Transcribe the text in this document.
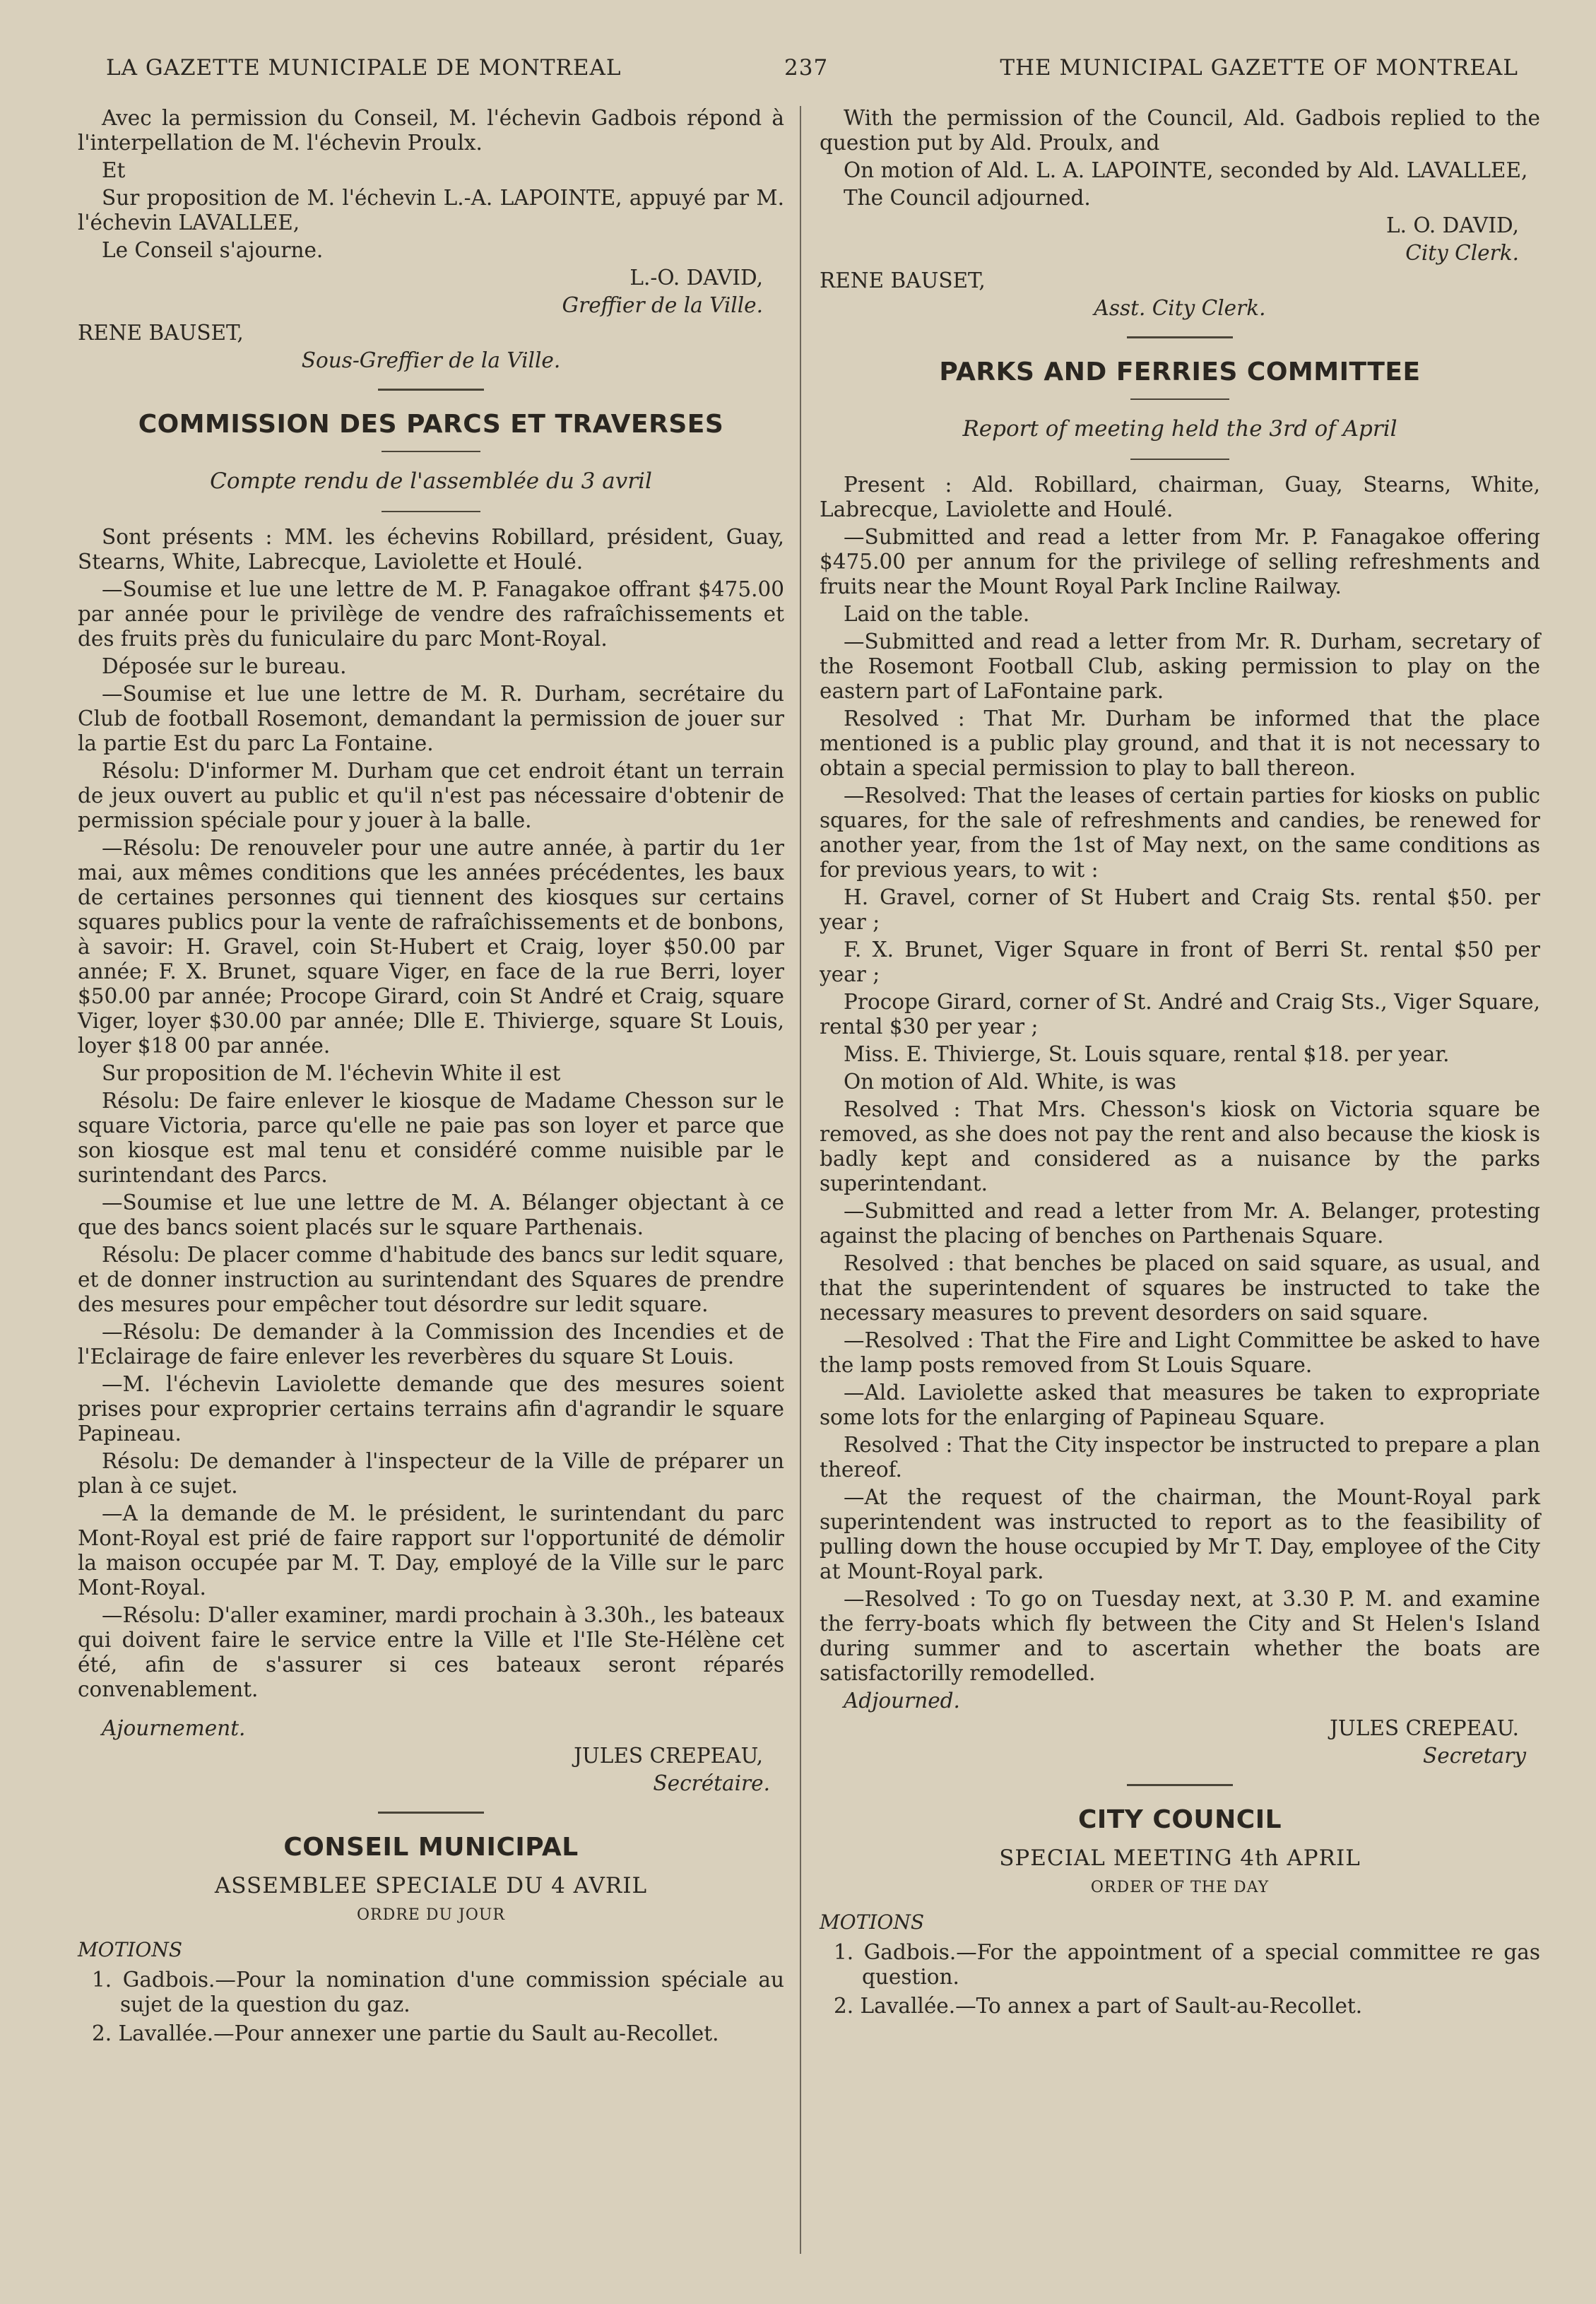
LA GAZETTE MUNICIPALE DE MONTREAL	237	THE MUNICIPAL GAZETTE OF MONTREAL

Avec la permission du Conseil, M. l'échevin Gadbois répond à l'interpellation de M. l'échevin Proulx.

Et

Sur proposition de M. l'échevin L.-A. LAPOINTE, appuyé par M. l'échevin LAVALLEE,

Le Conseil s'ajourne.

L.-O. DAVID,

Greffier de la Ville.

RENE BAUSET,

Sous-Greffier de la Ville.

COMMISSION DES PARCS ET TRAVERSES

Compte rendu de l'assemblée du 3 avril

Sont présents : MM. les échevins Robillard, président, Guay, Stearns, White, Labrecque, Laviolette et Houlé.

—Soumise et lue une lettre de M. P. Fanagakoe offrant $475.00 par année pour le privilège de vendre des rafraîchissements et des fruits près du funiculaire du parc Mont-Royal.

Déposée sur le bureau.

—Soumise et lue une lettre de M. R. Durham, secrétaire du Club de football Rosemont, demandant la permission de jouer sur la partie Est du parc La Fontaine.

Résolu: D'informer M. Durham que cet endroit étant un terrain de jeux ouvert au public et qu'il n'est pas nécessaire d'obtenir de permission spéciale pour y jouer à la balle.

—Résolu: De renouveler pour une autre année, à partir du 1er mai, aux mêmes conditions que les années précédentes, les baux de certaines personnes qui tiennent des kiosques sur certains squares publics pour la vente de rafraîchissements et de bonbons, à savoir: H. Gravel, coin St-Hubert et Craig, loyer $50.00 par année; F. X. Brunet, square Viger, en face de la rue Berri, loyer $50.00 par année; Procope Girard, coin St André et Craig, square Viger, loyer $30.00 par année; Dlle E. Thivierge, square St Louis, loyer $18 00 par année.

Sur proposition de M. l'échevin White il est

Résolu: De faire enlever le kiosque de Madame Chesson sur le square Victoria, parce qu'elle ne paie pas son loyer et parce que son kiosque est mal tenu et considéré comme nuisible par le surintendant des Parcs.

—Soumise et lue une lettre de M. A. Bélanger objectant à ce que des bancs soient placés sur le square Parthenais.

Résolu: De placer comme d'habitude des bancs sur ledit square, et de donner instruction au surintendant des Squares de prendre des mesures pour empêcher tout désordre sur ledit square.

—Résolu: De demander à la Commission des Incendies et de l'Eclairage de faire enlever les reverbères du square St Louis.

—M. l'échevin Laviolette demande que des mesures soient prises pour exproprier certains terrains afin d'agrandir le square Papineau.

Résolu: De demander à l'inspecteur de la Ville de préparer un plan à ce sujet.

—A la demande de M. le président, le surintendant du parc Mont-Royal est prié de faire rapport sur l'opportunité de démolir la maison occupée par M. T. Day, employé de la Ville sur le parc Mont-Royal.

—Résolu: D'aller examiner, mardi prochain à 3.30h., les bateaux qui doivent faire le service entre la Ville et l'Ile Ste-Hélène cet été, afin de s'assurer si ces bateaux seront réparés convenablement.

Ajournement.

JULES CREPEAU,

Secrétaire.

CONSEIL MUNICIPAL

ASSEMBLEE SPECIALE DU 4 AVRIL

ORDRE DU JOUR

MOTIONS

1. Gadbois.—Pour la nomination d'une commission spéciale au sujet de la question du gaz.

2. Lavallée.—Pour annexer une partie du Sault au-Recollet.

With the permission of the Council, Ald. Gadbois replied to the question put by Ald. Proulx, and

On motion of Ald. L. A. LAPOINTE, seconded by Ald. LAVALLEE,

The Council adjourned.

L. O. DAVID,

City Clerk.

RENE BAUSET,

Asst. City Clerk.

PARKS AND FERRIES COMMITTEE

Report of meeting held the 3rd of April

Present : Ald. Robillard, chairman, Guay, Stearns, White, Labrecque, Laviolette and Houlé.

—Submitted and read a letter from Mr. P. Fanagakoe offering $475.00 per annum for the privilege of selling refreshments and fruits near the Mount Royal Park Incline Railway.

Laid on the table.

—Submitted and read a letter from Mr. R. Durham, secretary of the Rosemont Football Club, asking permission to play on the eastern part of LaFontaine park.

Resolved : That Mr. Durham be informed that the place mentioned is a public play ground, and that it is not necessary to obtain a special permission to play to ball thereon.

—Resolved: That the leases of certain parties for kiosks on public squares, for the sale of refreshments and candies, be renewed for another year, from the 1st of May next, on the same conditions as for previous years, to wit :

H. Gravel, corner of St Hubert and Craig Sts. rental $50. per year ;

F. X. Brunet, Viger Square in front of Berri St. rental $50 per year ;

Procope Girard, corner of St. André and Craig Sts., Viger Square, rental $30 per year ;

Miss. E. Thivierge, St. Louis square, rental $18. per year.

On motion of Ald. White, is was

Resolved : That Mrs. Chesson's kiosk on Victoria square be removed, as she does not pay the rent and also because the kiosk is badly kept and considered as a nuisance by the parks superintendant.

—Submitted and read a letter from Mr. A. Belanger, protesting against the placing of benches on Parthenais Square.

Resolved : that benches be placed on said square, as usual, and that the superintendent of squares be instructed to take the necessary measures to prevent desorders on said square.

—Resolved : That the Fire and Light Committee be asked to have the lamp posts removed from St Louis Square.

—Ald. Laviolette asked that measures be taken to expropriate some lots for the enlarging of Papineau Square.

Resolved : That the City inspector be instructed to prepare a plan thereof.

—At the request of the chairman, the Mount-Royal park superintendent was instructed to report as to the feasibility of pulling down the house occupied by Mr T. Day, employee of the City at Mount-Royal park.

—Resolved : To go on Tuesday next, at 3.30 P. M. and examine the ferry-boats which fly between the City and St Helen's Island during summer and to ascertain whether the boats are satisfactorilly remodelled.

Adjourned.

JULES CREPEAU.

Secretary

CITY COUNCIL

SPECIAL MEETING 4th APRIL

ORDER OF THE DAY

MOTIONS

1. Gadbois.—For the appointment of a special committee re gas question.

2. Lavallée.—To annex a part of Sault-au-Recollet.
